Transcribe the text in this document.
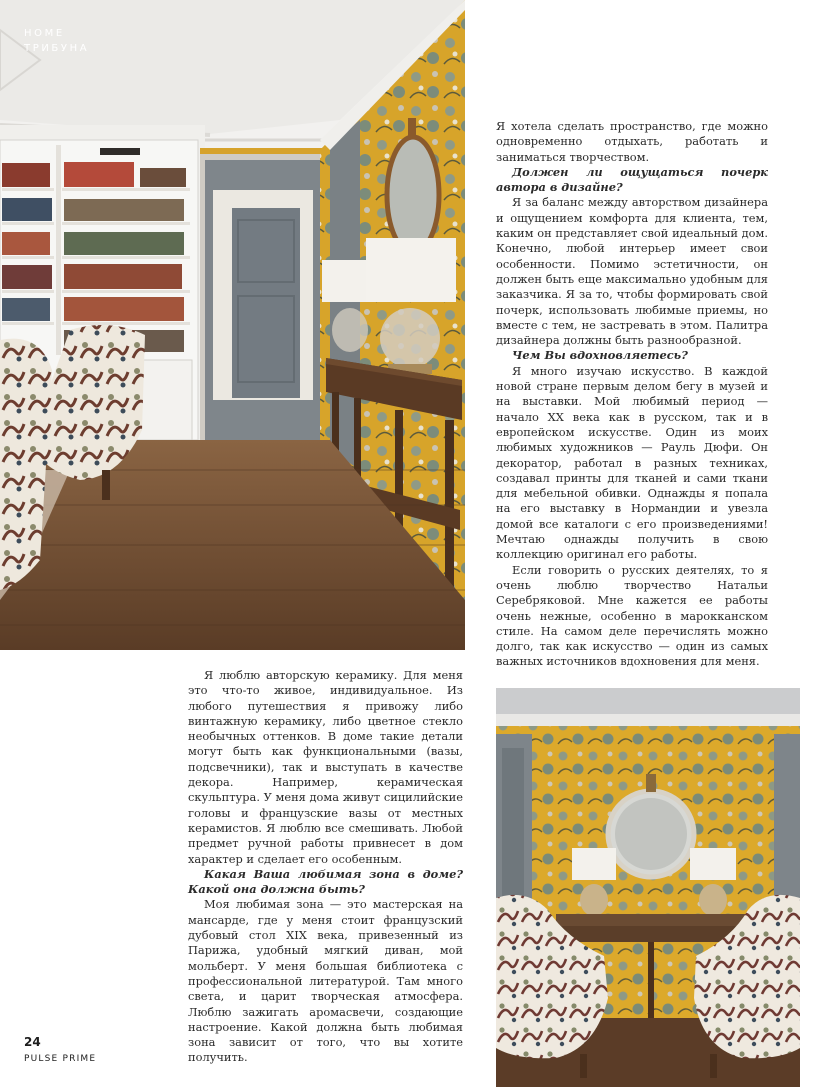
HOME
ТРИБУНА

Я хотела сделать пространство, где можно одновременно отдыхать, работать и заниматься творчеством.

Должен ли ощущаться почерк автора в дизайне?

Я за баланс между авторством дизайнера и ощущением комфорта для клиента, тем, каким он представляет свой идеальный дом. Конечно, любой интерьер имеет свои особенности. Помимо эстетичности, он должен быть еще максимально удобным для заказчика. Я за то, чтобы формировать свой почерк, использовать любимые приемы, но вместе с тем, не застревать в этом. Палитра дизайнера должны быть разнообразной.

Чем Вы вдохновляетесь?

Я много изучаю искусство. В каждой новой стране первым делом бегу в музей и на выставки. Мой любимый период — начало XX века как в русском, так и в европейском искусстве. Один из моих любимых художников — Рауль Дюфи. Он декоратор, работал в разных техниках, создавал принты для тканей и сами ткани для мебельной обивки. Однажды я попала на его выставку в Нормандии и увезла домой все каталоги с его произведениями! Мечтаю однажды получить в свою коллекцию оригинал его работы.

Если говорить о русских деятелях, то я очень люблю творчество Натальи Серебряковой. Мне кажется ее работы очень нежные, особенно в марокканском стиле. На самом деле перечислять можно долго, так как искусство — один из самых важных источников вдохновения для меня.

Я люблю авторскую керамику. Для меня это что-то живое, индивидуальное. Из любого путешествия я привожу либо винтажную керамику, либо цветное стекло необычных оттенков. В доме такие детали могут быть как функциональными (вазы, подсвечники), так и выступать в качестве декора. Например, керамическая скульптура. У меня дома живут сицилийские головы и французские вазы от местных керамистов. Я люблю все смешивать. Любой предмет ручной работы привнесет в дом характер и сделает его особенным.

Какая Ваша любимая зона в доме? Какой она должна быть?

Моя любимая зона — это мастерская на мансарде, где у меня стоит французский дубовый стол XIX века, привезенный из Парижа, удобный мягкий диван, мой мольберт. У меня большая библиотека с профессиональной литературой. Там много света, и царит творческая атмосфера. Люблю зажигать аромасвечи, создающие настроение. Какой должна быть любимая зона зависит от того, что вы хотите получить.

24
PULSE PRIME
